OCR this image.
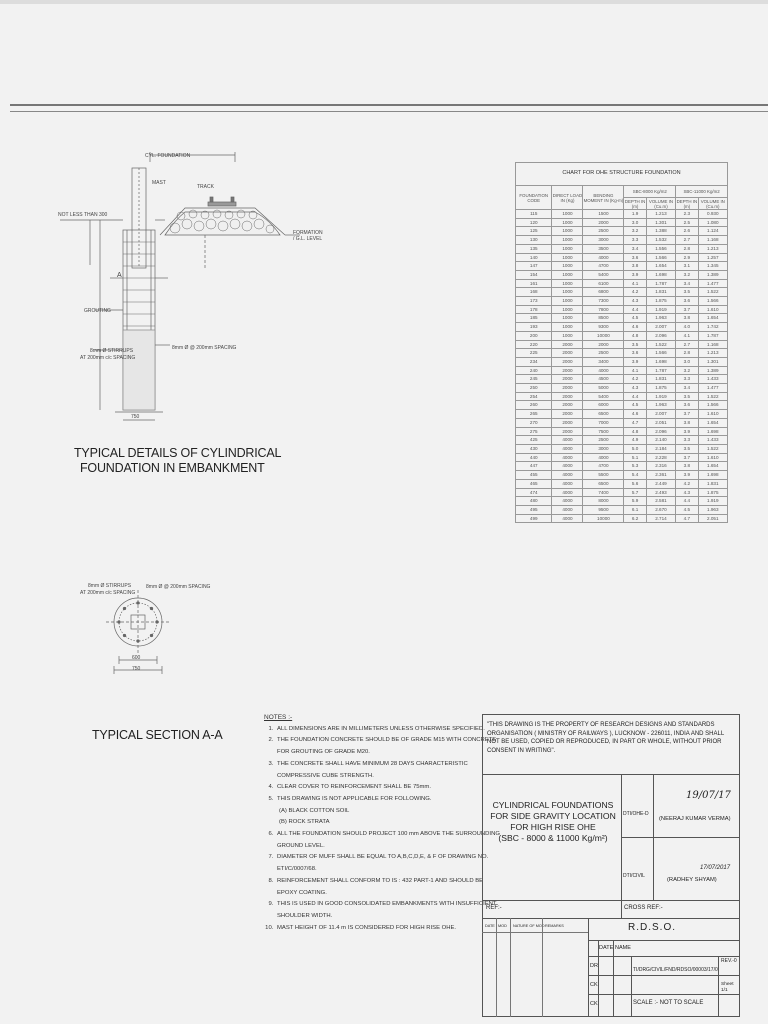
CYL. FOUNDATION
MAST
TRACK
NOT LESS THAN 300
FORMATION / G.L. LEVEL
GROUTING
8mm Ø STIRRUPS
AT 200mm c/c SPACING
8mm Ø @ 200mm SPACING
A
750
TYPICAL DETAILS OF CYLINDRICAL
FOUNDATION IN EMBANKMENT
8mm Ø STIRRUPS
AT 200mm c/c SPACING
8mm Ø @ 200mm SPACING
600
750
TYPICAL SECTION A-A
CHART FOR OHE STRUCTURE FOUNDATION						
FOUNDATION CODE	DIRECT LOAD IN (Kg)	BENDING MOMENT IN (Kg-m)	SBC-8000 Kg/m2		SBC-11000 Kg/m2	
			DEPTH IN (m)	VOLUME IN (Cu.m)	DEPTH IN (m)	VOLUME IN (Cu.m)
115	1000	1500	1.9	1.213	2.3	0.930
120	1000	2000	3.0	1.301	2.5	1.080
125	1000	2500	3.2	1.388	2.6	1.124
130	1000	3000	3.3	1.532	2.7	1.168
135	1000	3500	3.4	1.556	2.8	1.213
140	1000	4000	3.6	1.566	2.9	1.257
147	1000	4700	3.8	1.654	3.1	1.345
154	1000	5400	3.9	1.698	3.2	1.389
161	1000	6100	4.1	1.787	3.4	1.477
168	1000	6800	4.2	1.831	3.5	1.522
173	1000	7300	4.3	1.875	3.6	1.566
178	1000	7800	4.4	1.919	3.7	1.610
185	1000	8500	4.5	1.963	3.8	1.654
193	1000	9300	4.6	2.007	4.0	1.742
200	1000	10000	4.8	2.096	4.1	1.787
220	2000	2000	3.5	1.522	2.7	1.168
225	2000	2500	3.6	1.566	2.8	1.213
234	2000	3400	3.9	1.698	3.0	1.301
240	2000	4000	4.1	1.787	3.2	1.389
245	2000	4500	4.2	1.831	3.3	1.433
250	2000	5000	4.3	1.875	3.4	1.477
254	2000	5400	4.4	1.919	3.5	1.522
260	2000	6000	4.5	1.963	3.6	1.566
265	2000	6500	4.6	2.007	3.7	1.610
270	2000	7000	4.7	2.051	3.8	1.654
275	2000	7500	4.8	2.096	3.9	1.698
425	4000	2500	4.9	2.140	3.3	1.433
430	4000	3000	5.0	2.184	3.5	1.522
440	4000	4000	5.1	2.228	3.7	1.610
447	4000	4700	5.3	2.316	3.8	1.654
455	4000	5500	5.4	2.361	3.9	1.698
465	4000	6500	5.6	2.449	4.2	1.831
474	4000	7400	5.7	2.493	4.3	1.875
480	4000	8000	5.9	2.581	4.4	1.919
495	4000	9500	6.1	2.670	4.5	1.963
499	4000	10000	6.2	2.714	4.7	2.051
NOTES :-
1. ALL DIMENSIONS ARE IN MILLIMETERS UNLESS OTHERWISE SPECIFIED.
2. THE FOUNDATION CONCRETE SHOULD BE OF GRADE M15 WITH CONCRETE FOR GROUTING OF GRADE M20.
3. THE CONCRETE SHALL HAVE MINIMUM 28 DAYS CHARACTERISTIC COMPRESSIVE CUBE STRENGTH.
4. CLEAR COVER TO REINFORCEMENT SHALL BE 75mm.
5. THIS DRAWING IS NOT APPLICABLE FOR FOLLOWING.
(A) BLACK COTTON SOIL
(B) ROCK STRATA
6. ALL THE FOUNDATION SHOULD PROJECT 100 mm ABOVE THE SURROUNDING GROUND LEVEL.
7. DIAMETER OF MUFF SHALL BE EQUAL TO A,B,C,D,E, & F OF DRAWING NO. ETI/C/0007/68.
8. REINFORCEMENT SHALL CONFORM TO IS : 432 PART-1 AND SHOULD BE EPOXY COATING.
9. THIS IS USED IN GOOD CONSOLIDATED EMBANKMENTS WITH INSUFFICIENT SHOULDER WIDTH.
10. MAST HEIGHT OF 11.4 m IS CONSIDERED FOR HIGH RISE OHE.
"THIS DRAWING IS THE PROPERTY OF RESEARCH DESIGNS AND STANDARDS ORGANISATION ( MINISTRY OF RAILWAYS ), LUCKNOW - 226011, INDIA AND SHALL NOT BE USED, COPIED OR REPRODUCED, IN PART OR WHOLE, WITHOUT PRIOR CONSENT IN WRITING".
CYLINDRICAL FOUNDATIONS
FOR SIDE GRAVITY LOCATION
FOR HIGH RISE OHE
(SBC - 8000 & 11000 Kg/m²)
DTI/OHE-D
19/07/17
(NEERAJ KUMAR VERMA)
DTI/CIVIL
17/07/2017
(RADHEY SHYAM)
REF:-	CROSS REF:-
DATE MOD NATURE OF MOD REMARKS	R.D.S.O.
DATE NAME
DR
CK
CK
TI/DRG/CIVIL/FND/RDSO/00003/17/0
REV.-0
SCALE :- NOT TO SCALE
Sheet 1/1
